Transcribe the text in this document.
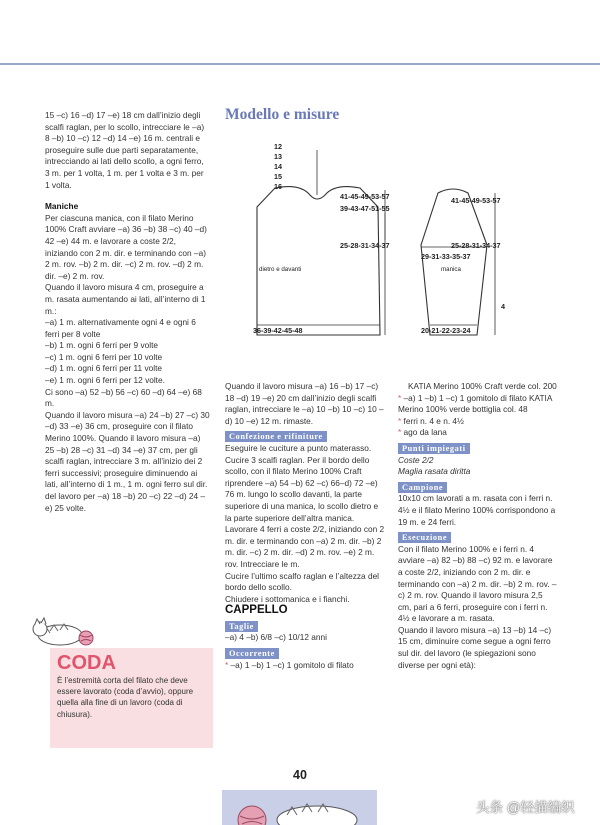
15 –c) 16 –d) 17 –e) 18 cm dall’inizio degli scalfi raglan, per lo scollo, intrecciare le –a) 8 –b) 10 –c) 12 –d) 14 –e) 16 m. centrali e proseguire sulle due parti separatamente, intrecciando ai lati dello scollo, a ogni ferro, 3 m. per 1 volta, 1 m. per 1 volta e 3 m. per 1 volta.

Maniche

Per ciascuna manica, con il filato Merino 100% Craft avviare –a) 36 –b) 38 –c) 40 –d) 42 –e) 44 m. e lavorare a coste 2/2, iniziando con 2 m. dir. e terminando con –a) 2 m. rov. –b) 2 m. dir. –c) 2 m. rov. –d) 2 m. dir. –e) 2 m. rov.

Quando il lavoro misura 4 cm, proseguire a m. rasata aumentando ai lati, all’interno di 1 m.:

–a) 1 m. alternativamente ogni 4 e ogni 6 ferri per 8 volte

–b) 1 m. ogni 6 ferri per 9 volte

–c) 1 m. ogni 6 ferri per 10 volte

–d) 1 m. ogni 6 ferri per 11 volte

–e) 1 m. ogni 6 ferri per 12 volte.

Ci sono –a) 52 –b) 56 –c) 60 –d) 64 –e) 68 m.

Quando il lavoro misura –a) 24 –b) 27 –c) 30 –d) 33 –e) 36 cm, proseguire con il filato Merino 100%. Quando il lavoro misura –a) 25 –b) 28 –c) 31 –d) 34 –e) 37 cm, per gli scalfi raglan, intrecciare 3 m. all’inizio dei 2 ferri successivi; proseguire diminuendo ai lati, all’interno di 1 m., 1 m. ogni ferro sul dir. del lavoro per –a) 18 –b) 20 –c) 22 –d) 24 –e) 25 volte.

CODA
È l’estremità corta del filato che deve essere lavorato (coda d’avvio), oppure quella alla fine di un lavoro (coda di chiusura).
Modello e misure
12
13
14
15
16
41-45-49-53-57
39-43-47-51-55
25-28-31-34-37
dietro e davanti
36-39-42-45-48
41-45-49-53-57
25-28-31-34-37
29-31-33-35-37
manica
4
20-21-22-23-24

Quando il lavoro misura –a) 16 –b) 17 –c) 18 –d) 19 –e) 20 cm dall’inizio degli scalfi raglan, intrecciare le –a) 10 –b) 10 –c) 10 –d) 10 –e) 12 m. rimaste.

Confezione e rifiniture

Eseguire le cuciture a punto materasso. Cucire 3 scalfi raglan. Per il bordo dello scollo, con il filato Merino 100% Craft riprendere –a) 54 –b) 62 –c) 66–d) 72 –e) 76 m. lungo lo scollo davanti, la parte superiore di una manica, lo scollo dietro e la parte superiore dell’altra manica. Lavorare 4 ferri a coste 2/2, iniziando con 2 m. dir. e terminando con –a) 2 m. dir. –b) 2 m. dir. –c) 2 m. dir. –d) 2 m. rov. –e) 2 m. rov. Intrecciare le m.

Cucire l’ultimo scalfo raglan e l’altezza del bordo dello scollo.

Chiudere i sottomanica e i fianchi.

CAPPELLO

Taglie

–a) 4 –b) 6/8 –c) 10/12 anni

Occorrente

* –a) 1 –b) 1 –c) 1 gomitolo di filato

KATIA Merino 100% Craft verde col. 200

* –a) 1 –b) 1 –c) 1 gomitolo di filato KATIA Merino 100% verde bottiglia col. 48

* ferri n. 4 e n. 4½

* ago da lana

Punti impiegati

Coste 2/2

Maglia rasata diritta

Campione

10x10 cm lavorati a m. rasata con i ferri n. 4½ e il filato Merino 100% corrispondono a 19 m. e 24 ferri.

Esecuzione

Con il filato Merino 100% e i ferri n. 4 avviare –a) 82 –b) 88 –c) 92 m. e lavorare a coste 2/2, iniziando con 2 m. dir. e terminando con –a) 2 m. dir. –b) 2 m. rov. –c) 2 m. rov. Quando il lavoro misura 2,5 cm, pari a 6 ferri, proseguire con i ferri n. 4½ e lavorare a m. rasata.

Quando il lavoro misura –a) 13 –b) 14 –c) 15 cm, diminuire come segue a ogni ferro sul dir. del lavoro (le spiegazioni sono diverse per ogni età):

40
头条 @轻描编织
